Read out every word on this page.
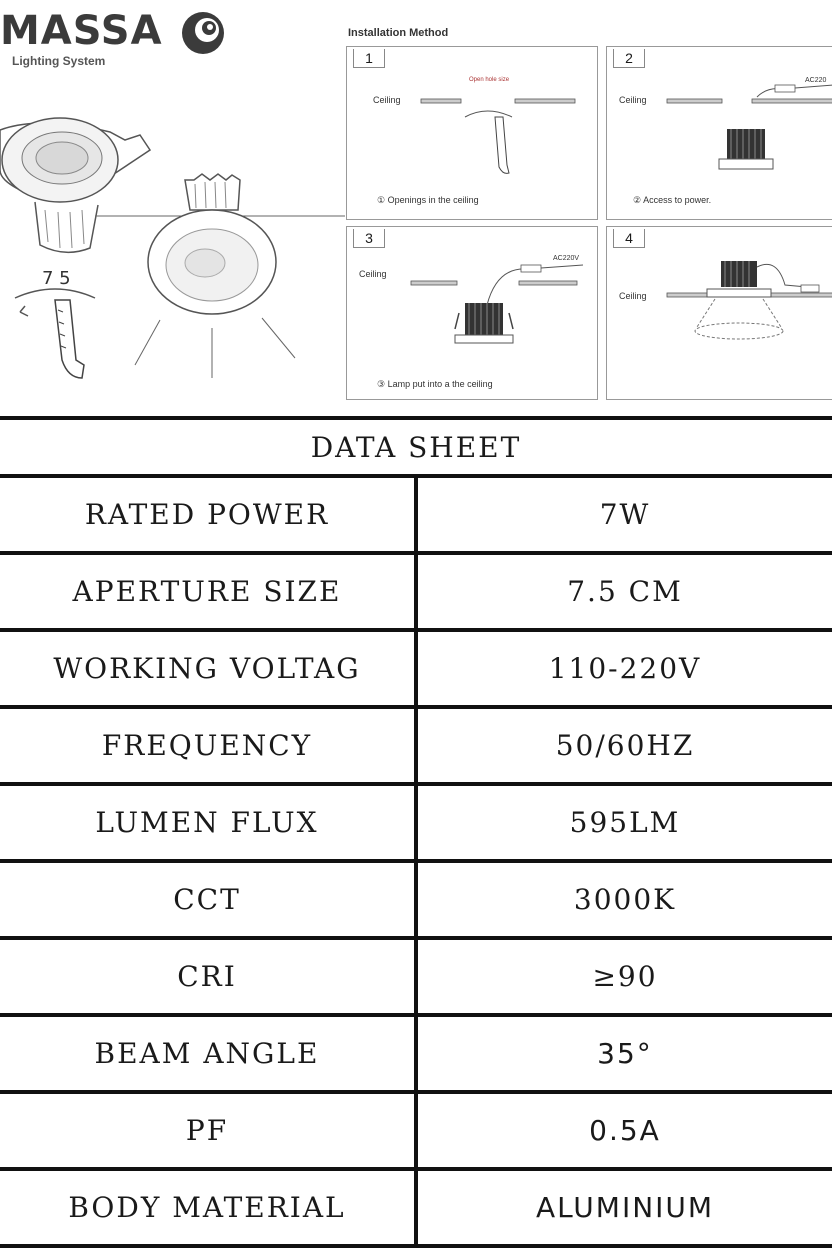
MASSA
Lighting System
7 5
Installation Method
1
Ceiling
Open hole size
① Openings in the ceiling
2
Ceiling
AC220
② Access to power.
3
Ceiling
AC220V
③ Lamp put into a the ceiling
4
Ceiling
DATA SHEET	
RATED POWER	7W
APERTURE SIZE	7.5 CM
WORKING VOLTAG	110-220V
FREQUENCY	50/60HZ
LUMEN FLUX	595LM
CCT	3000K
CRI	≥90
BEAM ANGLE	35°
PF	0.5A
BODY MATERIAL	ALUMINIUM
